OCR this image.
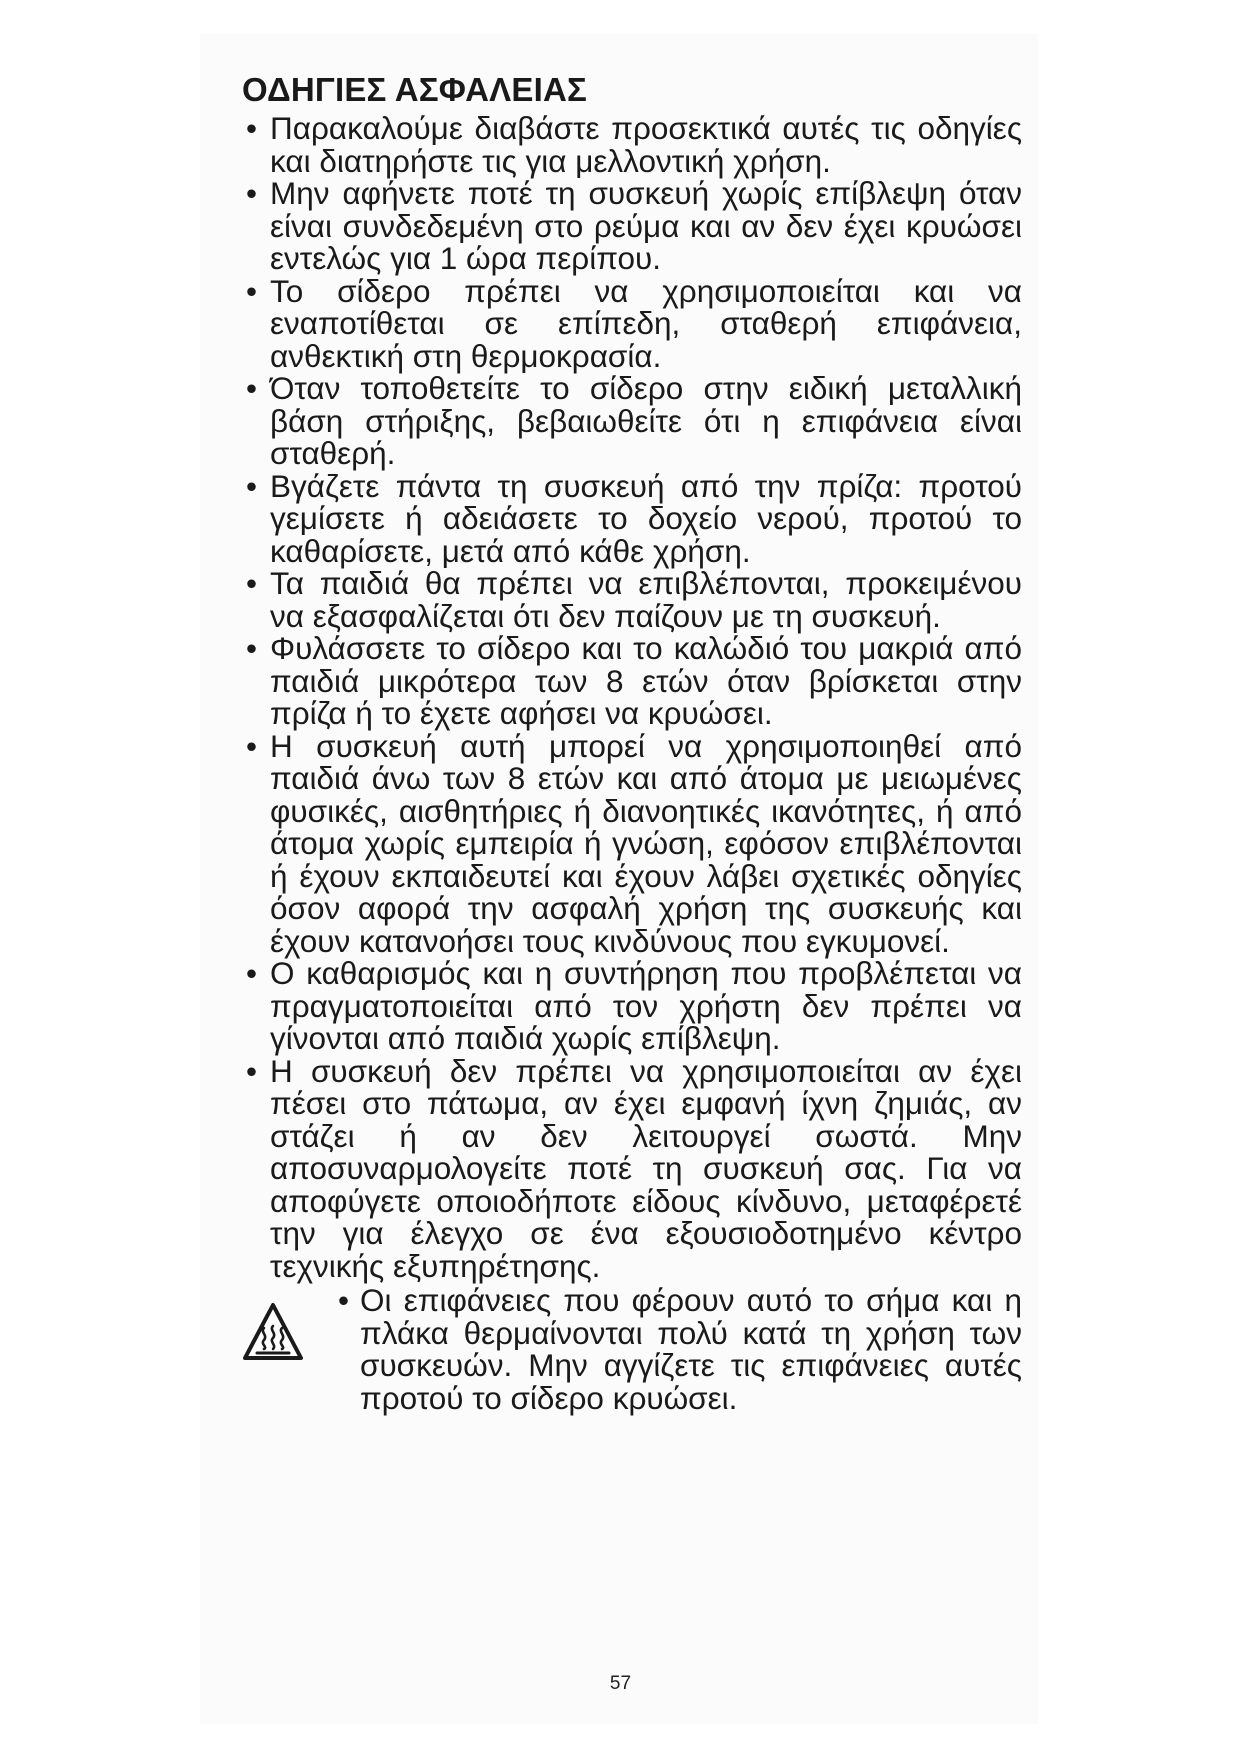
ΟΔΗΓΙΕΣ ΑΣΦΑΛΕΙΑΣ
• Παρακαλούμε διαβάστε προσεκτικά αυτές τις οδηγίες και διατηρήστε τις για μελλοντική χρήση.
• Μην αφήνετε ποτέ τη συσκευή χωρίς επίβλεψη όταν είναι συνδεδεμένη στο ρεύμα και αν δεν έχει κρυώσει εντελώς για 1 ώρα περίπου.
• Το σίδερο πρέπει να χρησιμοποιείται και να εναποτίθεται σε επίπεδη, σταθερή επιφάνεια, ανθεκτική στη θερμοκρασία.
• Όταν τοποθετείτε το σίδερο στην ειδική μεταλλική βάση στήριξης, βεβαιωθείτε ότι η επιφάνεια είναι σταθερή.
• Βγάζετε πάντα τη συσκευή από την πρίζα: προτού γεμίσετε ή αδειάσετε το δοχείο νερού, προτού το καθαρίσετε, μετά από κάθε χρήση.
• Τα παιδιά θα πρέπει να επιβλέπονται, προκειμένου να εξασφαλίζεται ότι δεν παίζουν με τη συσκευή.
• Φυλάσσετε το σίδερο και το καλώδιό του μακριά από παιδιά μικρότερα των 8 ετών όταν βρίσκεται στην πρίζα ή το έχετε αφήσει να κρυώσει.
• Η συσκευή αυτή μπορεί να χρησιμοποιηθεί από παιδιά άνω των 8 ετών και από άτομα με μειωμένες φυσικές, αισθητήριες ή διανοητικές ικανότητες, ή από άτομα χωρίς εμπειρία ή γνώση, εφόσον επιβλέπονται ή έχουν εκπαιδευτεί και έχουν λάβει σχετικές οδηγίες όσον αφορά την ασφαλή χρήση της συσκευής και έχουν κατανοήσει τους κινδύνους που εγκυμονεί.
• Ο καθαρισμός και η συντήρηση που προβλέπεται να πραγματοποιείται από τον χρήστη δεν πρέπει να γίνονται από παιδιά χωρίς επίβλεψη.
• Η συσκευή δεν πρέπει να χρησιμοποιείται αν έχει πέσει στο πάτωμα, αν έχει εμφανή ίχνη ζημιάς, αν στάζει ή αν δεν λειτουργεί σωστά. Μην αποσυναρμολογείτε ποτέ τη συσκευή σας. Για να αποφύγετε οποιοδήποτε είδους κίνδυνο, μεταφέρετέ την για έλεγχο σε ένα εξουσιοδοτημένο κέντρο τεχνικής εξυπηρέτησης.
• Οι επιφάνειες που φέρουν αυτό το σήμα και η πλάκα θερμαίνονται πολύ κατά τη χρήση των συσκευών. Μην αγγίζετε τις επιφάνειες αυτές προτού το σίδερο κρυώσει.
57
